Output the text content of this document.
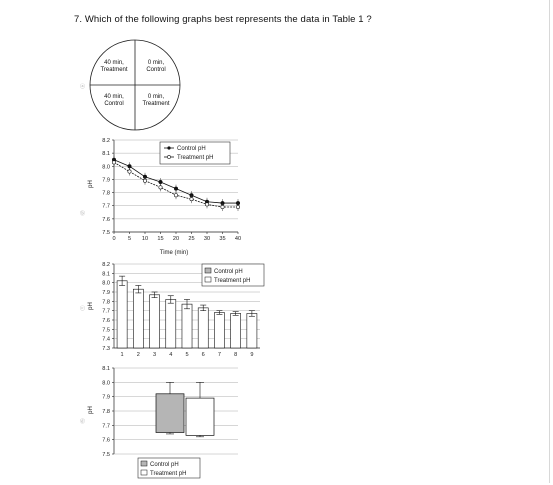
7. Which of the following graphs best represents the data in Table 1 ?
ⓐ
40 min,
Treatment
0 min,
Control
40 min,
Control
0 min,
Treatment
ⓑ
pH
Time (min)
7.5
7.6
7.7
7.8
7.9
8.0
8.1
8.2
0 5 10 15 20 25 30 35 40
Control pH
Treatment pH
ⓒ pH
7.3
7.4
7.5
7.6
7.7
7.8
7.9
8.0
8.1
8.2
1 2 3 4 5 6 7 8 9
Control pH
Treatment pH
ⓓ
pH
7.5
7.6
7.7
7.8
7.9
8.0
8.1
Control pH
Treatment pH
